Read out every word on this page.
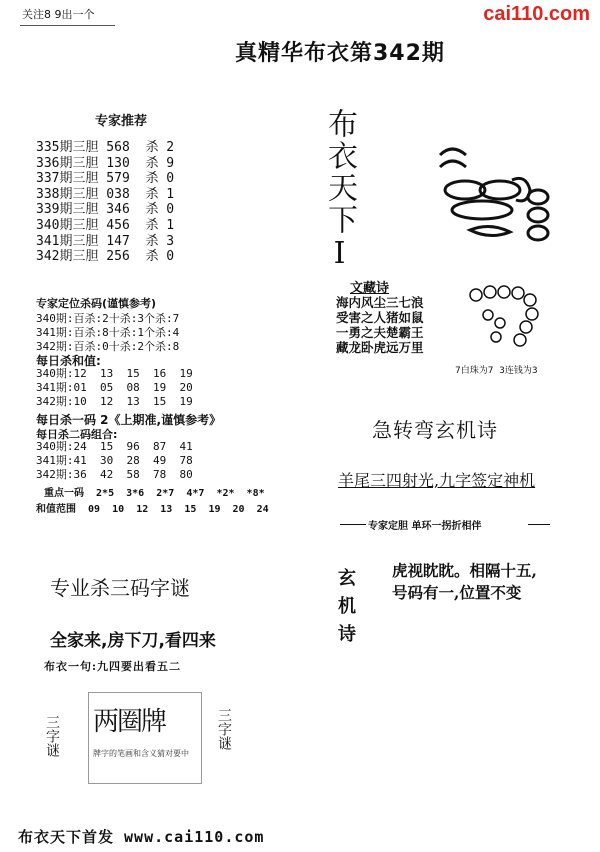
关注8 9出一个	cai110.com
真精华布衣第342期
专家推荐
335期三胆 568  杀 2
336期三胆 130  杀 9
337期三胆 579  杀 0
338期三胆 038  杀 1
339期三胆 346  杀 0
340期三胆 456  杀 1
341期三胆 147  杀 3
342期三胆 256  杀 0
专家定位杀码(谨慎参考)
340期:百杀:2十杀:3个杀:7
341期:百杀:8十杀:1个杀:4
342期:百杀:0十杀:2个杀:8
每日杀和值:
340期:12  13  15  16  19
341期:01  05  08  19  20
342期:10  12  13  15  19
每日杀一码 2《上期准,谨慎参考》
每日杀二码组合:
340期:24  15  96  87  41
341期:41  30  28  49  78
342期:36  42  58  78  80
重点一码  2*5  3*6  2*7  4*7  *2*  *8*
和值范围  09  10  12  13  15  19  20  24
专业杀三码字谜
全家来,房下刀,看四来
布衣一句:九四要出看五二
三字谜	三字谜
两圈牌
牌字的笔画和含义猜对要中
布衣天下I
文藏诗
海内风尘三七浪
受害之人猪如鼠
一勇之夫楚霸王
藏龙卧虎远万里
7白珠为7  3连钱为3
急转弯玄机诗
羊尾三四射光,九字签定神机
专家定胆 单环一拐折相伴
玄机诗 虎视眈眈。相隔十五,
号码有一,位置不变
布衣天下首发 www.cai110.com
